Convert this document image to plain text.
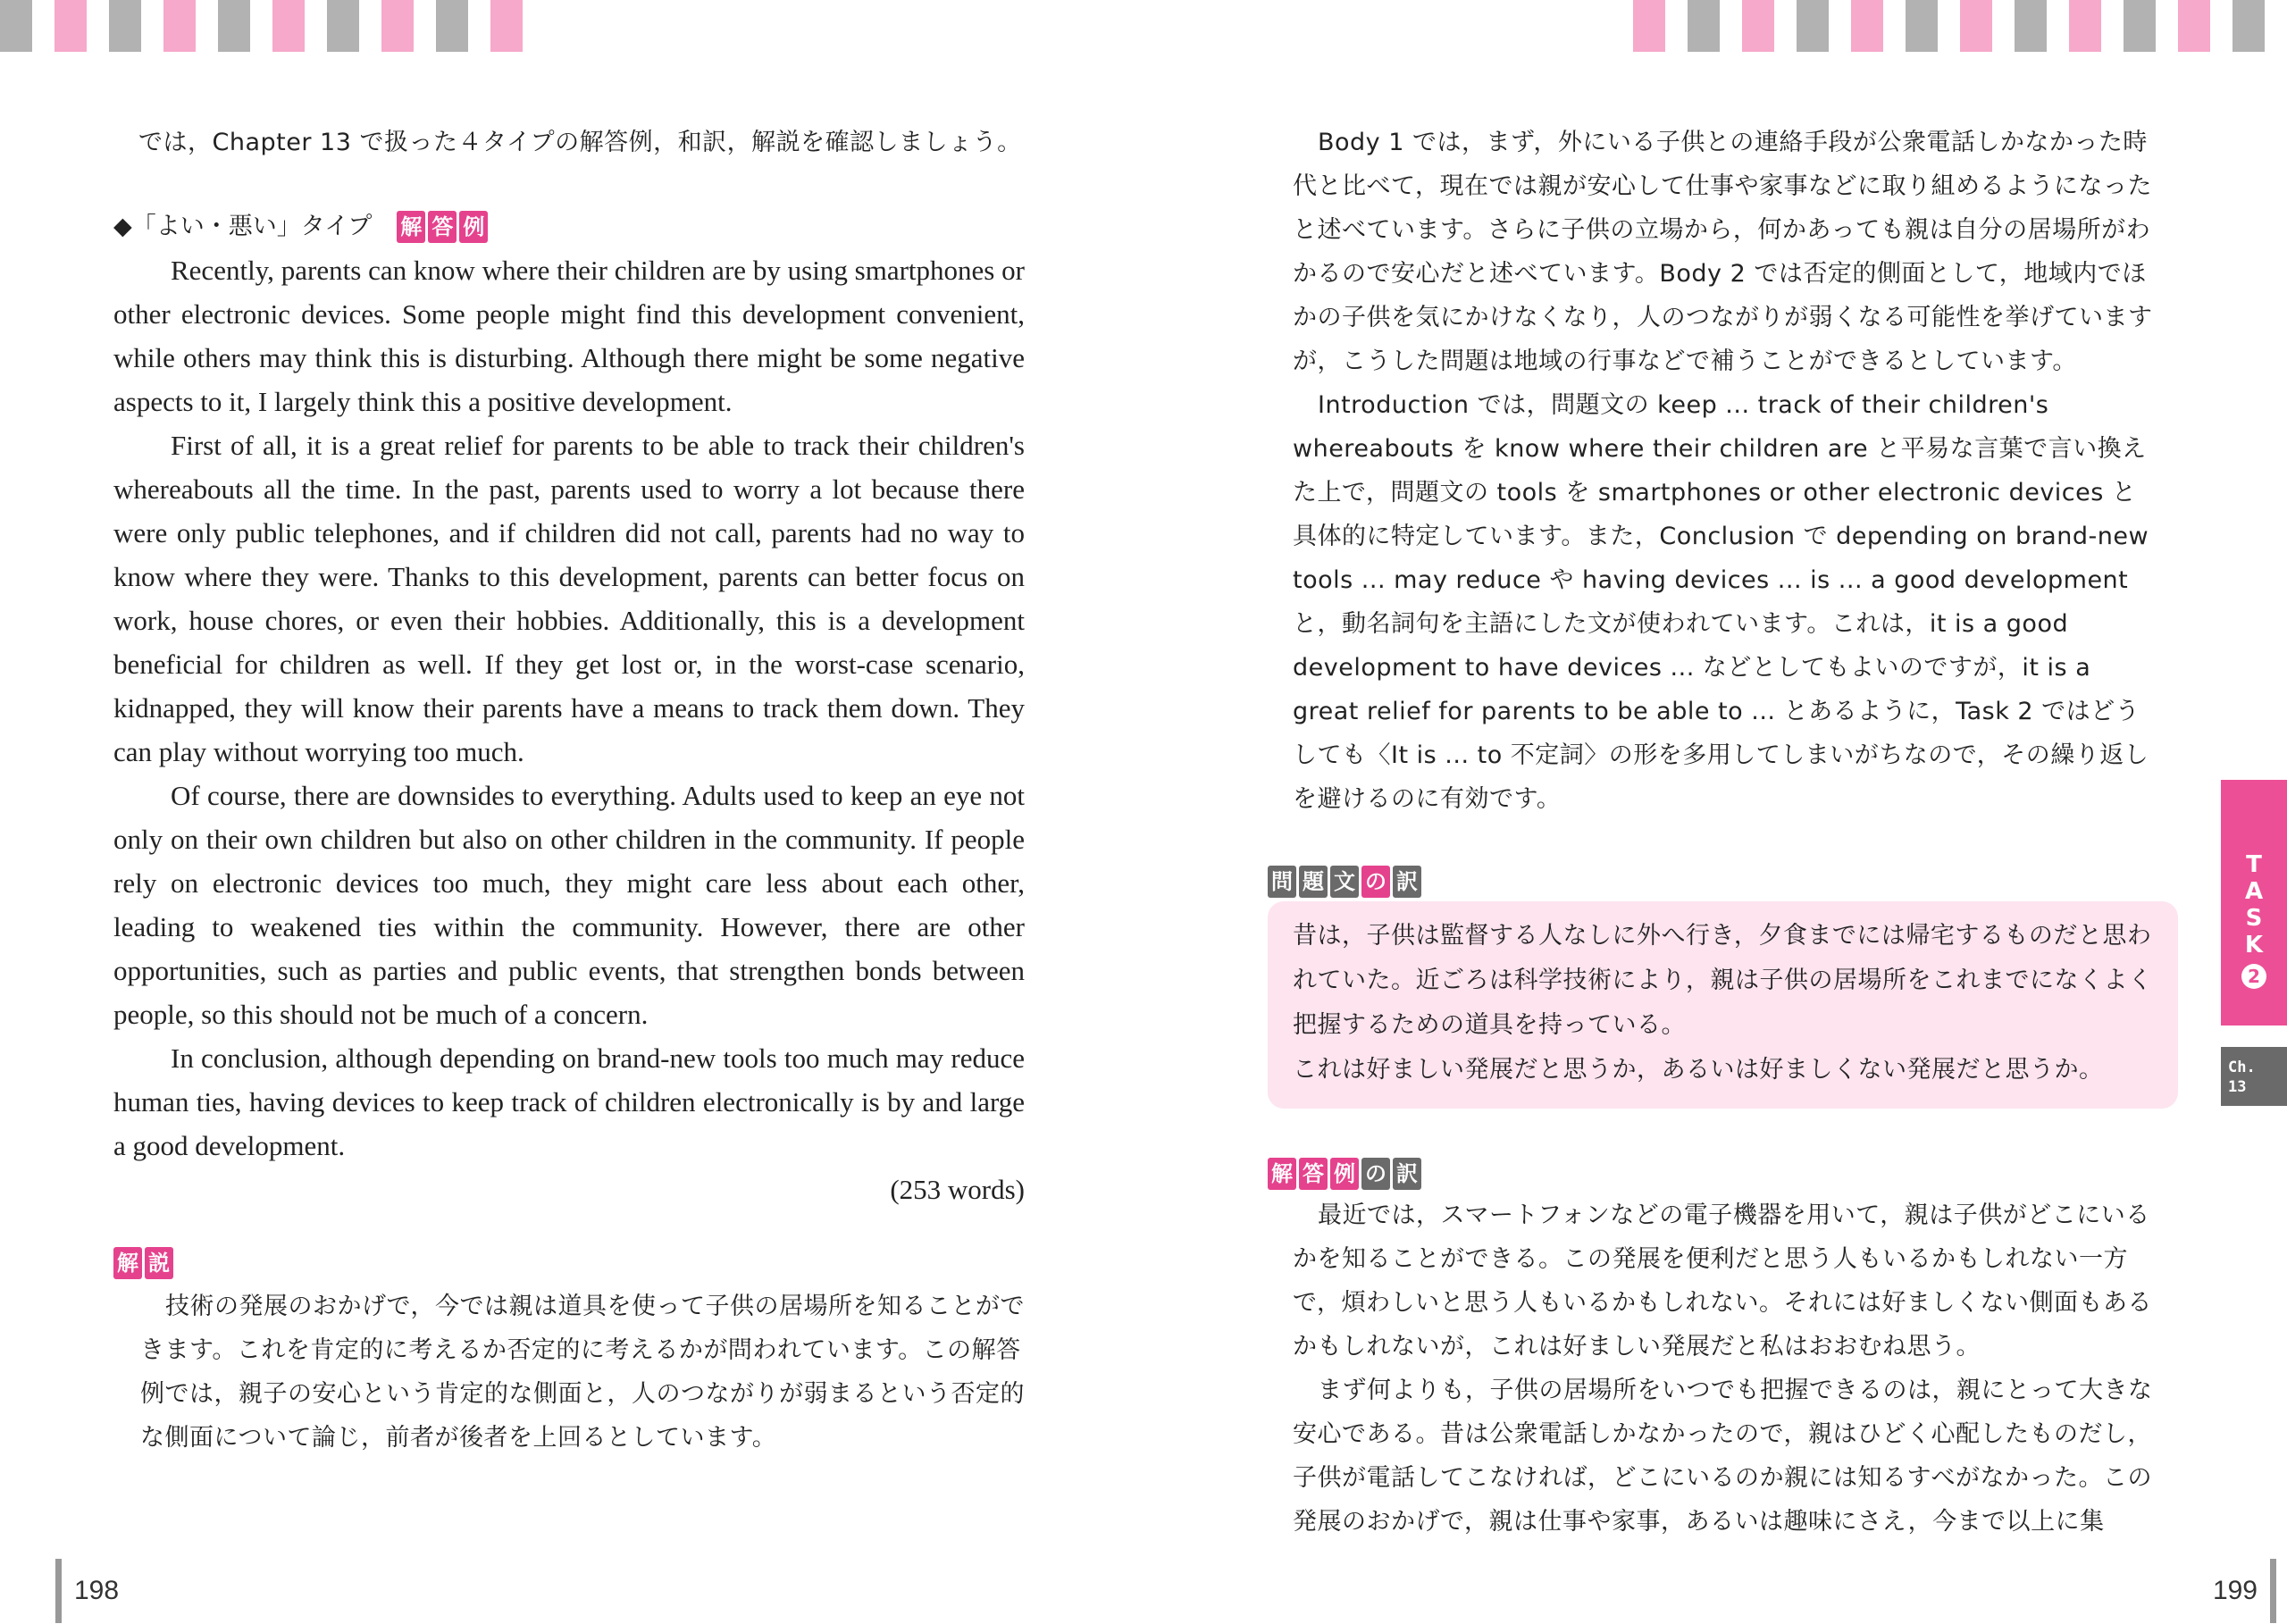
では，Chapter 13 で扱った４タイプの解答例，和訳，解説を確認しましょう。

◆「よい・悪い」タイプ 解 答 例

Recently, parents can know where their children are by using smartphones or other electronic devices. Some people might find this development convenient, while others may think this is disturbing. Although there might be some negative aspects to it, I largely think this a positive development.

First of all, it is a great relief for parents to be able to track their children's whereabouts all the time. In the past, parents used to worry a lot because there were only public telephones, and if children did not call, parents had no way to know where they were. Thanks to this development, parents can better focus on work, house chores, or even their hobbies. Additionally, this is a development beneficial for children as well. If they get lost or, in the worst-case scenario, kidnapped, they will know their parents have a means to track them down. They can play without worrying too much.

Of course, there are downsides to everything. Adults used to keep an eye not only on their own children but also on other children in the community. If people rely on electronic devices too much, they might care less about each other, leading to weakened ties within the community. However, there are other opportunities, such as parties and public events, that strengthen bonds between people, so this should not be much of a concern.

In conclusion, although depending on brand-new tools too much may reduce human ties, having devices to keep track of children electronically is by and large a good development.

(253 words)
解 説

技術の発展のおかげで，今では親は道具を使って子供の居場所を知ることができます。これを肯定的に考えるか否定的に考えるかが問われています。この解答例では，親子の安心という肯定的な側面と，人のつながりが弱まるという否定的な側面について論じ，前者が後者を上回るとしています。

Body 1 では，まず，外にいる子供との連絡手段が公衆電話しかなかった時代と比べて，現在では親が安心して仕事や家事などに取り組めるようになったと述べています。さらに子供の立場から，何かあっても親は自分の居場所がわかるので安心だと述べています。Body 2 では否定的側面として，地域内でほかの子供を気にかけなくなり，人のつながりが弱くなる可能性を挙げていますが，こうした問題は地域の行事などで補うことができるとしています。

Introduction では，問題文の keep ... track of their children's whereabouts を know where their children are と平易な言葉で言い換えた上で，問題文の tools を smartphones or other electronic devices と具体的に特定しています。また，Conclusion で depending on brand-new tools ... may reduce や having devices ... is ... a good development と，動名詞句を主語にした文が使われています。これは，it is a good development to have devices ... などとしてもよいのですが，it is a great relief for parents to be able to ... とあるように，Task 2 ではどうしても〈It is ... to 不定詞〉の形を多用してしまいがちなので，その繰り返しを避けるのに有効です。

問 題 文 の 訳

昔は，子供は監督する人なしに外へ行き，夕食までには帰宅するものだと思われていた。近ごろは科学技術により，親は子供の居場所をこれまでになくよく把握するための道具を持っている。

これは好ましい発展だと思うか，あるいは好ましくない発展だと思うか。

解 答 例 の 訳

最近では，スマートフォンなどの電子機器を用いて，親は子供がどこにいるかを知ることができる。この発展を便利だと思う人もいるかもしれない一方で，煩わしいと思う人もいるかもしれない。それには好ましくない側面もあるかもしれないが，これは好ましい発展だと私はおおむね思う。

まず何よりも，子供の居場所をいつでも把握できるのは，親にとって大きな安心である。昔は公衆電話しかなかったので，親はひどく心配したものだし，子供が電話してこなければ，どこにいるのか親には知るすべがなかった。この発展のおかげで，親は仕事や家事，あるいは趣味にさえ，今まで以上に集

T
A
S
K
2
Ch.
13
198	199
